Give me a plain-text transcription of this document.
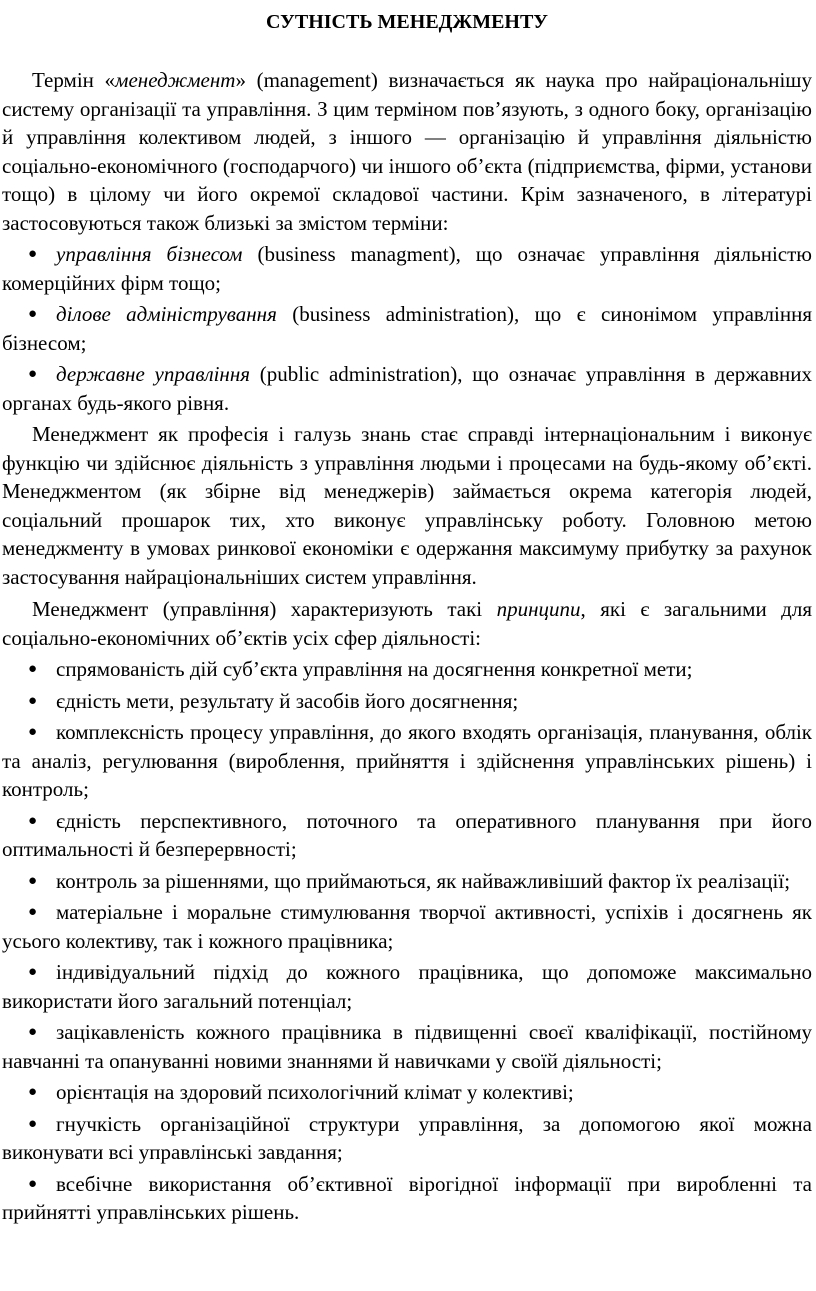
СУТНІСТЬ МЕНЕДЖМЕНТУ

Термін «менеджмент» (management) визначається як наука про найраціональнішу систему організації та управління. З цим терміном пов’язують, з одного боку, організацію й управління колективом людей, з іншого — організацію й управління діяльністю соціально-економічного (господарчого) чи іншого об’єкта (підприємства, фірми, установи тощо) в цілому чи його окремої складової частини. Крім зазначеного, в літературі застосовуються також близькі за змістом терміни:

● управління бізнесом (business managment), що означає управління діяльністю комерційних фірм тощо;

● ділове адміністрування (business administration), що є синонімом управління бізнесом;

● державне управління (public administration), що означає управління в державних органах будь-якого рівня.

Менеджмент як професія і галузь знань стає справді інтернаціональним і виконує функцію чи здійснює діяльність з управління людьми і процесами на будь-якому об’єкті. Менеджментом (як збірне від менеджерів) займається окрема категорія людей, соціальний прошарок тих, хто виконує управлінську роботу. Головною метою менеджменту в умовах ринкової економіки є одержання максимуму прибутку за рахунок застосування найраціональніших систем управління.

Менеджмент (управління) характеризують такі принципи, які є загальними для соціально-економічних об’єктів усіх сфер діяльності:

● спрямованість дій суб’єкта управління на досягнення конкретної мети;

● єдність мети, результату й засобів його досягнення;

● комплексність процесу управління, до якого входять організація, планування, облік та аналіз, регулювання (вироблення, прийняття і здійснення управлінських рішень) і контроль;

● єдність перспективного, поточного та оперативного планування при його оптимальності й безперервності;

● контроль за рішеннями, що приймаються, як найважливіший фактор їх реалізації;

● матеріальне і моральне стимулювання творчої активності, успіхів і досягнень як усього колективу, так і кожного працівника;

● індивідуальний підхід до кожного працівника, що допоможе максимально використати його загальний потенціал;

● зацікавленість кожного працівника в підвищенні своєї кваліфікації, постійному навчанні та опануванні новими знаннями й навичками у своїй діяльності;

● орієнтація на здоровий психологічний клімат у колективі;

● гнучкість організаційної структури управління, за допомогою якої можна виконувати всі управлінські завдання;

● всебічне використання об’єктивної вірогідної інформації при виробленні та прийнятті управлінських рішень.
